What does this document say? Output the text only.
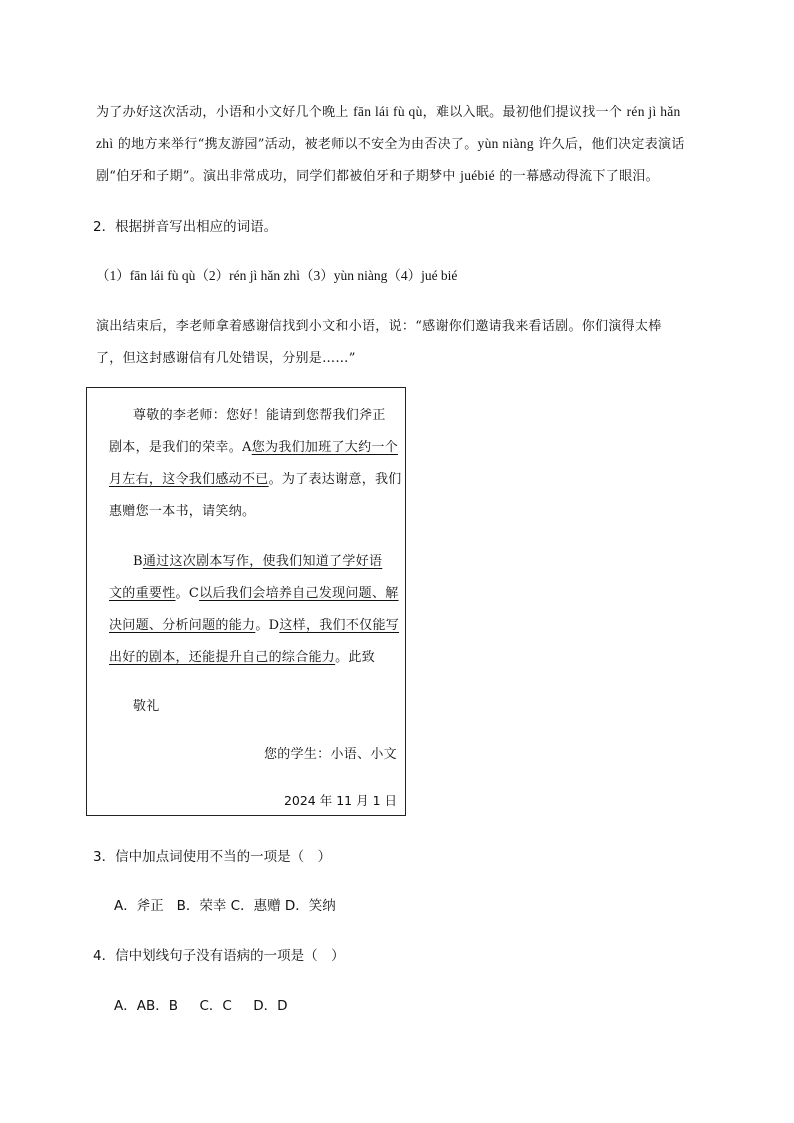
为了办好这次活动，小语和小文好几个晚上 fān lái fù qù，难以入眠。最初他们提议找一个 rén jì hǎn
zhì 的地方来举行“携友游园”活动，被老师以不安全为由否决了。yùn niàng 许久后，他们决定表演话
剧“伯牙和子期”。演出非常成功，同学们都被伯牙和子期梦中 juébié 的一幕感动得流下了眼泪。
2．根据拼音写出相应的词语。
（1）fān lái fù qù（2）rén jì hǎn zhì（3）yùn niàng（4）jué bié
演出结束后，李老师拿着感谢信找到小文和小语，说：“感谢你们邀请我来看话剧。你们演得太棒
了，但这封感谢信有几处错误，分别是……”
尊敬的李老师：您好！能请到您帮我们斧正
剧本，是我们的荣幸。A您为我们加班了大约一个
月左右，这令我们感动不已。为了表达谢意，我们
惠赠您一本书，请笑纳。
B通过这次剧本写作，使我们知道了学好语
文的重要性。C以后我们会培养自己发现问题、解
决问题、分析问题的能力。D这样，我们不仅能写
出好的剧本，还能提升自己的综合能力。此致
敬礼
您的学生：小语、小文
2024 年 11 月 1 日
3．信中加点词使用不当的一项是（　）
A．斧正   B．荣幸 C．惠赠 D．笑纳
4．信中划线句子没有语病的一项是（　）
A．AB．B     C．C     D．D
